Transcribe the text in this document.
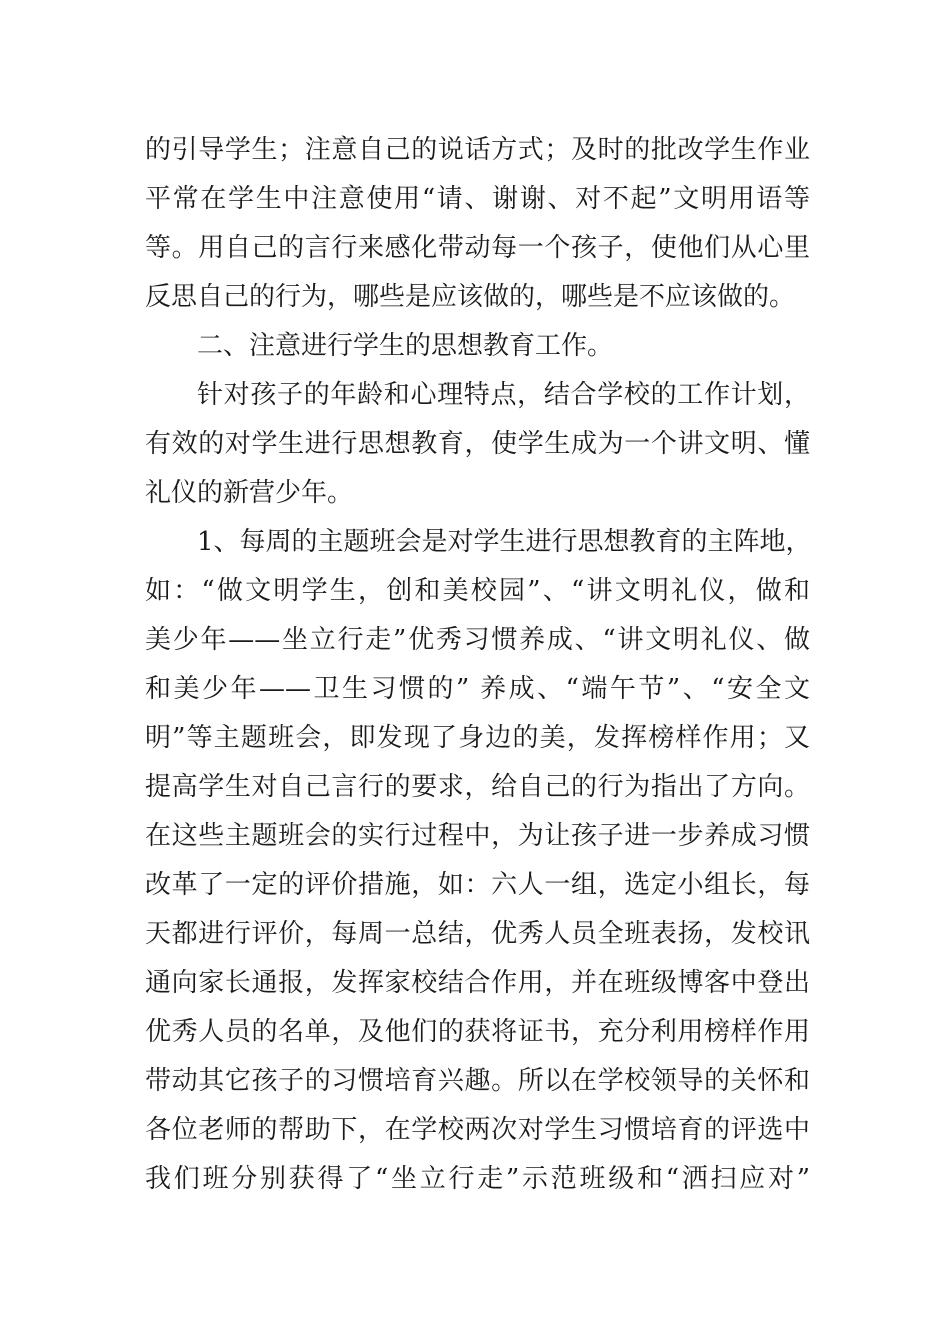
的引导学生；注意自己的说话方式；及时的批改学生作业
平常在学生中注意使用“请、谢谢、对不起”文明用语等
等。用自己的言行来感化带动每一个孩子，使他们从心里
反思自己的行为，哪些是应该做的，哪些是不应该做的。
二、注意进行学生的思想教育工作。
针对孩子的年龄和心理特点，结合学校的工作计划，
有效的对学生进行思想教育，使学生成为一个讲文明、懂
礼仪的新营少年。
1、每周的主题班会是对学生进行思想教育的主阵地，
如：“做文明学生，创和美校园”、“讲文明礼仪，做和
美少年——坐立行走”优秀习惯养成、“讲文明礼仪、做
和美少年——卫生习惯的” 养成、“端午节”、“安全文
明”等主题班会，即发现了身边的美，发挥榜样作用；又
提高学生对自己言行的要求，给自己的行为指出了方向。
在这些主题班会的实行过程中，为让孩子进一步养成习惯
改革了一定的评价措施，如：六人一组，选定小组长，每
天都进行评价，每周一总结，优秀人员全班表扬，发校讯
通向家长通报，发挥家校结合作用，并在班级博客中登出
优秀人员的名单，及他们的获将证书，充分利用榜样作用
带动其它孩子的习惯培育兴趣。所以在学校领导的关怀和
各位老师的帮助下，在学校两次对学生习惯培育的评选中
我们班分别获得了“坐立行走”示范班级和“洒扫应对”
